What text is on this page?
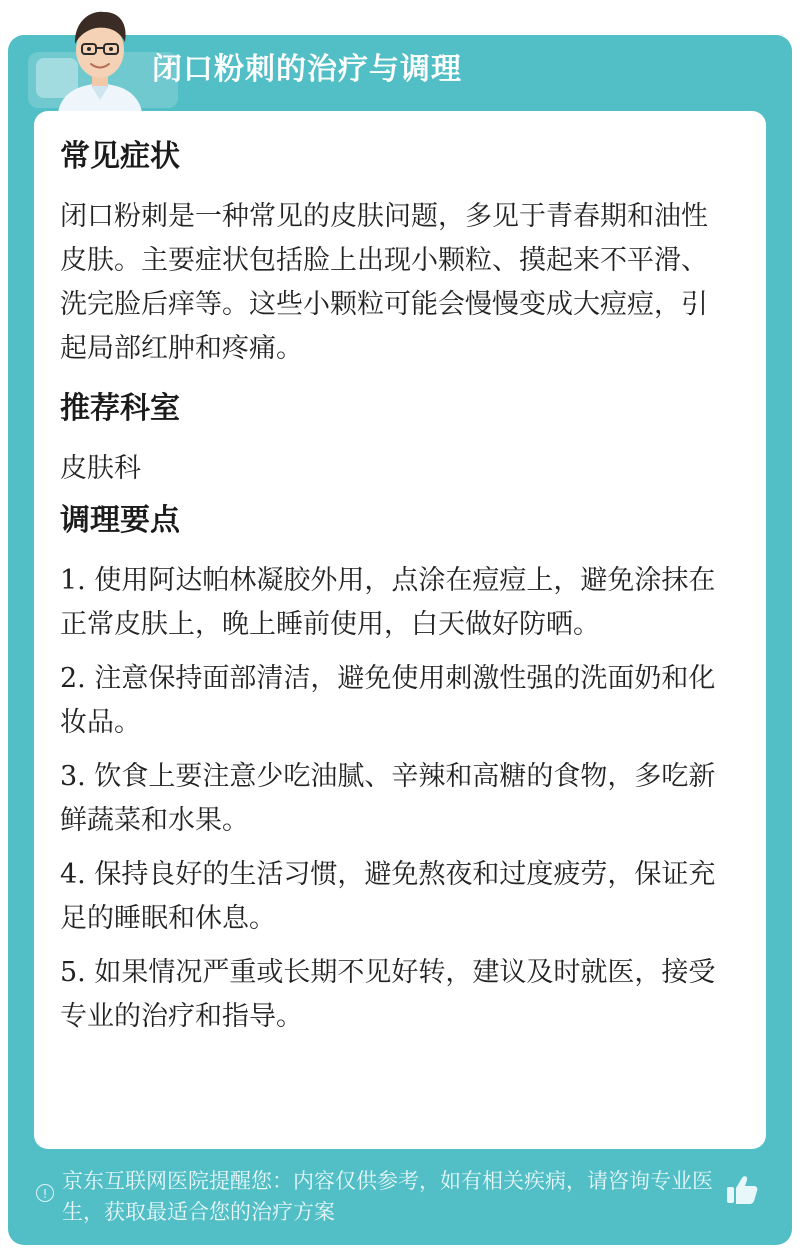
闭口粉刺的治疗与调理
常见症状
闭口粉刺是一种常见的皮肤问题，多见于青春期和油性皮肤。主要症状包括脸上出现小颗粒、摸起来不平滑、洗完脸后痒等。这些小颗粒可能会慢慢变成大痘痘，引起局部红肿和疼痛。
推荐科室
皮肤科
调理要点
1. 使用阿达帕林凝胶外用，点涂在痘痘上，避免涂抹在正常皮肤上，晚上睡前使用，白天做好防晒。
2. 注意保持面部清洁，避免使用刺激性强的洗面奶和化妆品。
3. 饮食上要注意少吃油腻、辛辣和高糖的食物，多吃新鲜蔬菜和水果。
4. 保持良好的生活习惯，避免熬夜和过度疲劳，保证充足的睡眠和休息。
5. 如果情况严重或长期不见好转，建议及时就医，接受专业的治疗和指导。
!
京东互联网医院提醒您：内容仅供参考，如有相关疾病，请咨询专业医生，获取最适合您的治疗方案
